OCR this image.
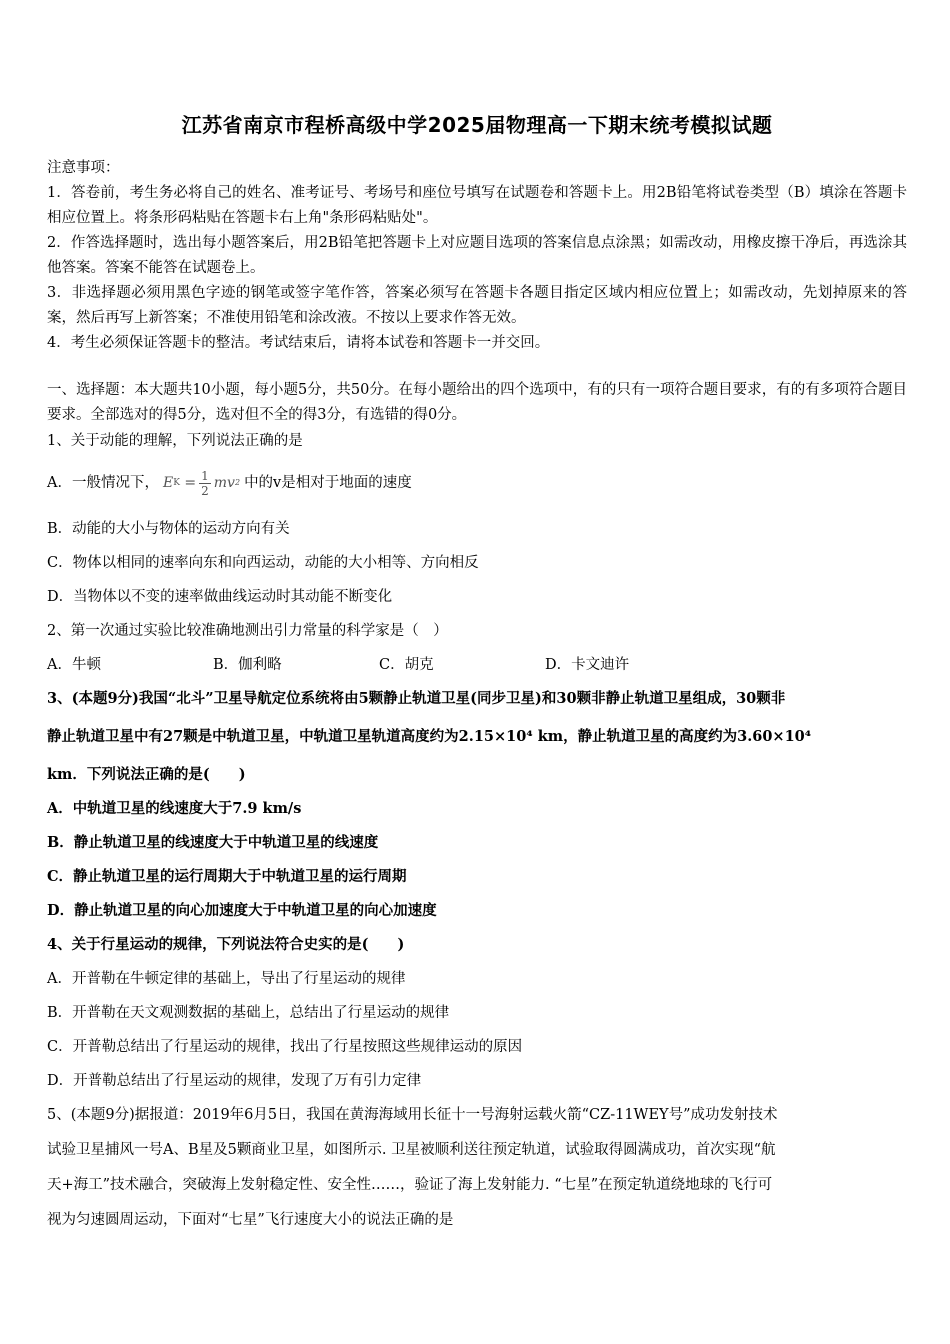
江苏省南京市程桥高级中学2025届物理高一下期末统考模拟试题

注意事项：

1．答卷前，考生务必将自己的姓名、准考证号、考场号和座位号填写在试题卷和答题卡上。用2B铅笔将试卷类型（B）填涂在答题卡相应位置上。将条形码粘贴在答题卡右上角"条形码粘贴处"。

2．作答选择题时，选出每小题答案后，用2B铅笔把答题卡上对应题目选项的答案信息点涂黑；如需改动，用橡皮擦干净后，再选涂其他答案。答案不能答在试题卷上。

3．非选择题必须用黑色字迹的钢笔或签字笔作答，答案必须写在答题卡各题目指定区域内相应位置上；如需改动，先划掉原来的答案，然后再写上新答案；不准使用铅笔和涂改液。不按以上要求作答无效。

4．考生必须保证答题卡的整洁。考试结束后，请将本试卷和答题卡一并交回。

一、选择题：本大题共10小题，每小题5分，共50分。在每小题给出的四个选项中，有的只有一项符合题目要求，有的有多项符合题目要求。全部选对的得5分，选对但不全的得3分，有选错的得0分。

1、关于动能的理解，下列说法正确的是

A．一般情况下， E $K = \frac{1}{2}$ mv 2 中的v是相对于地面的速度

B．动能的大小与物体的运动方向有关

C．物体以相同的速率向东和向西运动，动能的大小相等、方向相反

D．当物体以不变的速率做曲线运动时其动能不断变化

2、第一次通过实验比较准确地测出引力常量的科学家是（　）

A．牛顿	B．伽利略	C．胡克	D．卡文迪许

3、(本题9分)我国“北斗”卫星导航定位系统将由5颗静止轨道卫星(同步卫星)和30颗非静止轨道卫星组成，30颗非

静止轨道卫星中有27颗是中轨道卫星，中轨道卫星轨道高度约为2.15×10⁴ km，静止轨道卫星的高度约为3.60×10⁴

km．下列说法正确的是(　　)

A．中轨道卫星的线速度大于7.9 km/s

B．静止轨道卫星的线速度大于中轨道卫星的线速度

C．静止轨道卫星的运行周期大于中轨道卫星的运行周期

D．静止轨道卫星的向心加速度大于中轨道卫星的向心加速度

4、关于行星运动的规律，下列说法符合史实的是(　　)

A．开普勒在牛顿定律的基础上，导出了行星运动的规律

B．开普勒在天文观测数据的基础上，总结出了行星运动的规律

C．开普勒总结出了行星运动的规律，找出了行星按照这些规律运动的原因

D．开普勒总结出了行星运动的规律，发现了万有引力定律

5、(本题9分)据报道：2019年6月5日，我国在黄海海域用长征十一号海射运载火箭“CZ-11WEY号”成功发射技术

试验卫星捕风一号A、B星及5颗商业卫星，如图所示. 卫星被顺利送往预定轨道，试验取得圆满成功，首次实现“航

天+海工”技术融合，突破海上发射稳定性、安全性……，验证了海上发射能力. “七星”在预定轨道绕地球的飞行可

视为匀速圆周运动，下面对“七星”飞行速度大小的说法正确的是
